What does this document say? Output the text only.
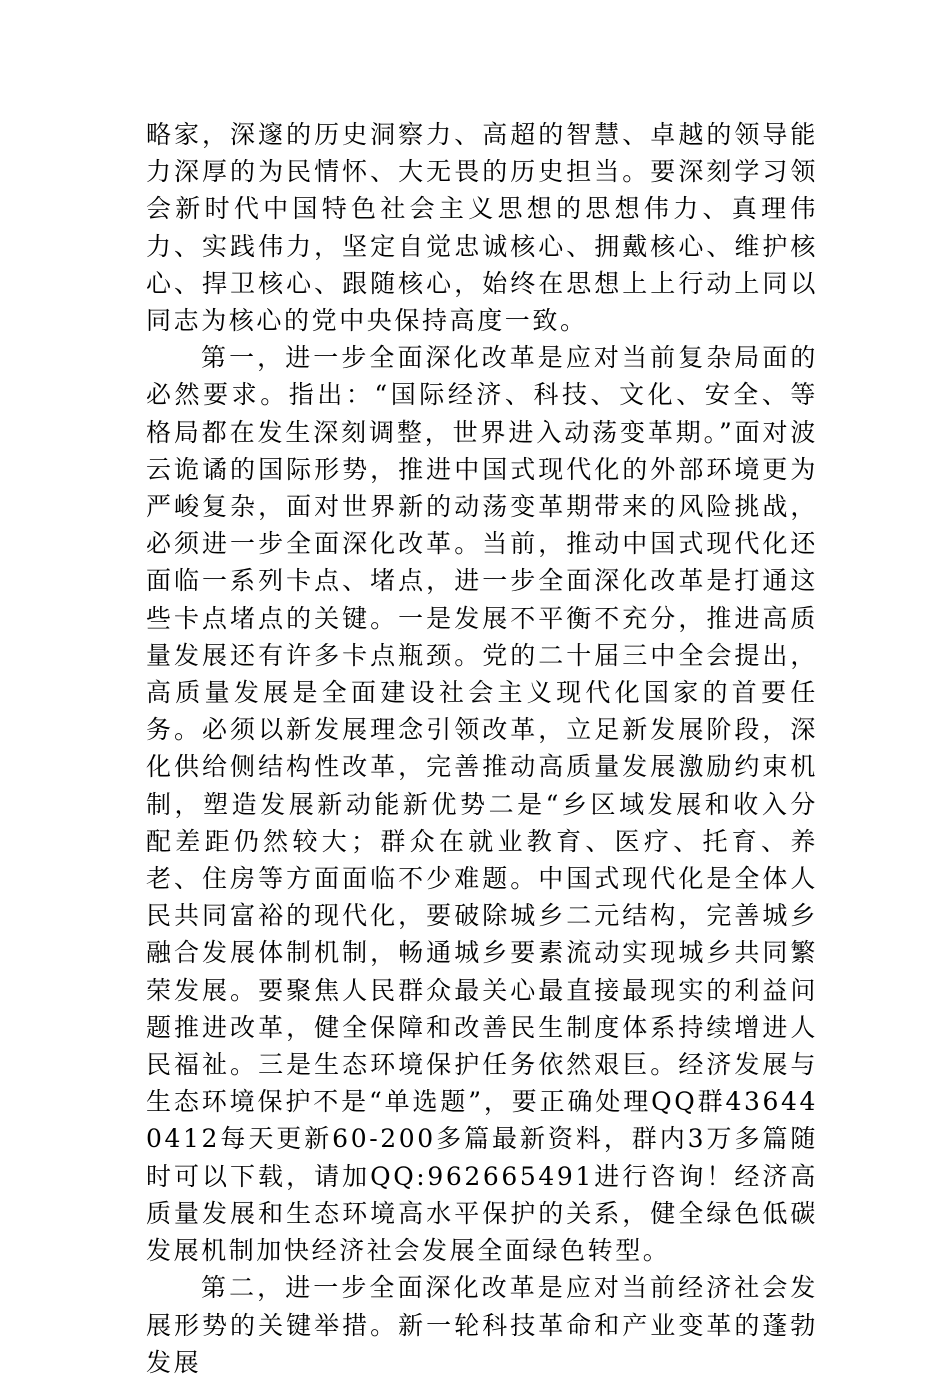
略家，深邃的历史洞察力、高超的智慧、卓越的领导能力深厚的为民情怀、大无畏的历史担当。要深刻学习领会新时代中国特色社会主义思想的思想伟力、真理伟力、实践伟力，坚定自觉忠诚核心、拥戴核心、维护核心、捍卫核心、跟随核心，始终在思想上上行动上同以同志为核心的党中央保持高度一致。

第一，进一步全面深化改革是应对当前复杂局面的必然要求。指出：“国际经济、科技、文化、安全、等格局都在发生深刻调整，世界进入动荡变革期。”面对波云诡谲的国际形势，推进中国式现代化的外部环境更为严峻复杂，面对世界新的动荡变革期带来的风险挑战，必须进一步全面深化改革。当前，推动中国式现代化还面临一系列卡点、堵点，进一步全面深化改革是打通这些卡点堵点的关键。一是发展不平衡不充分，推进高质量发展还有许多卡点瓶颈。党的二十届三中全会提出，高质量发展是全面建设社会主义现代化国家的首要任务。必须以新发展理念引领改革，立足新发展阶段，深化供给侧结构性改革，完善推动高质量发展激励约束机制，塑造发展新动能新优势二是“乡区域发展和收入分配差距仍然较大；群众在就业教育、医疗、托育、养老、住房等方面面临不少难题。中国式现代化是全体人民共同富裕的现代化，要破除城乡二元结构，完善城乡融合发展体制机制，畅通城乡要素流动实现城乡共同繁荣发展。要聚焦人民群众最关心最直接最现实的利益问题推进改革，健全保障和改善民生制度体系持续增进人民福祉。三是生态环境保护任务依然艰巨。经济发展与生态环境保护不是“单选题”，要正确处理QQ群436440412每天更新60-200多篇最新资料，群内3万多篇随时可以下载，请加QQ:962665491进行咨询！经济高质量发展和生态环境高水平保护的关系，健全绿色低碳发展机制加快经济社会发展全面绿色转型。

第二，进一步全面深化改革是应对当前经济社会发展形势的关键举措。新一轮科技革命和产业变革的蓬勃发展
